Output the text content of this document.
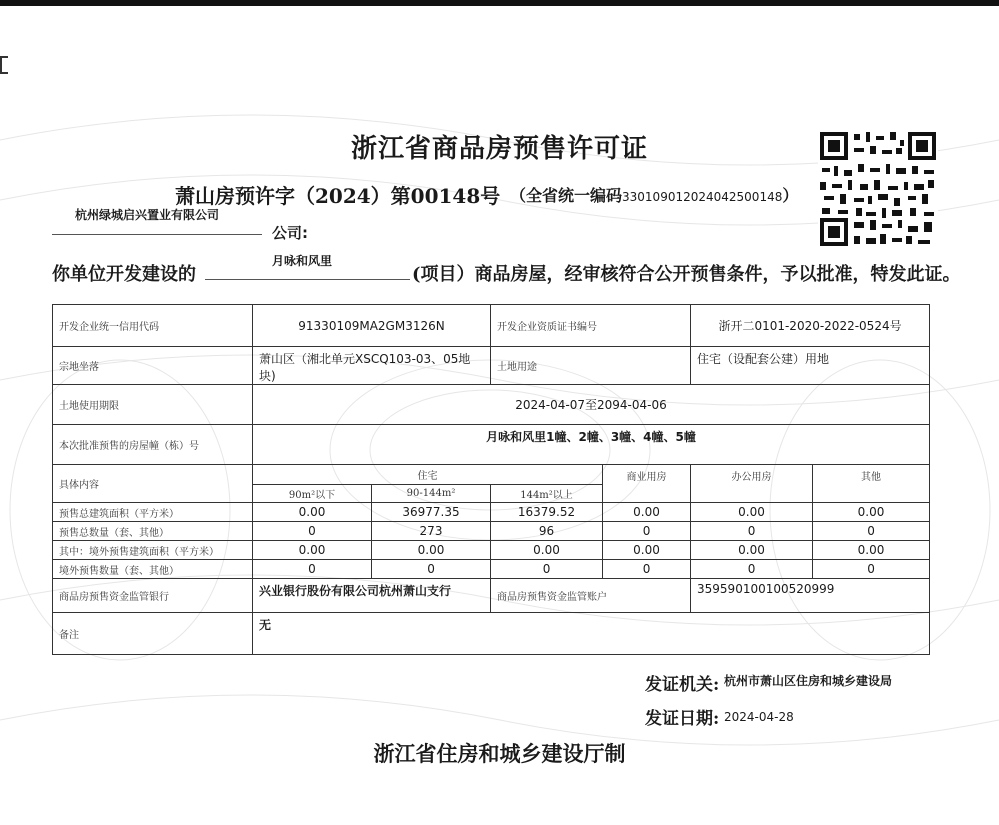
浙江省商品房预售许可证
萧山房预许字（2024）第00148号 （全省统一编码330109012024042500148）
杭州绿城启兴置业有限公司
公司:
月咏和风里
你单位开发建设的	(项目）商品房屋，经审核符合公开预售条件，予以批准，特发此证。
开发企业统一信用代码	91330109MA2GM3126N		开发企业资质证书编号		浙开二0101-2020-2022-0524号	
宗地坐落	萧山区（湘北单元XSCQ103-03、05地块)		土地用途		住宅（设配套公建）用地	
土地使用期限	2024-04-07至2094-04-06					
本次批准预售的房屋幢（栋）号	月咏和风里1幢、2幢、3幢、4幢、5幢					
具体内容	住宅			商业用房	办公用房	其他
	90m²以下	90-144m²	144m²以上			
预售总建筑面积（平方米）	0.00	36977.35	16379.52	0.00	0.00	0.00
预售总数量（套、其他）	0	273	96	0	0	0
其中：境外预售建筑面积（平方米）	0.00	0.00	0.00	0.00	0.00	0.00
境外预售数量（套、其他）	0	0	0	0	0	0
商品房预售资金监管银行	兴业银行股份有限公司杭州萧山支行		商品房预售资金监管账户		359590100100520999	
备注	无					
发证机关: 杭州市萧山区住房和城乡建设局
发证日期: 2024-04-28
浙江省住房和城乡建设厅制
